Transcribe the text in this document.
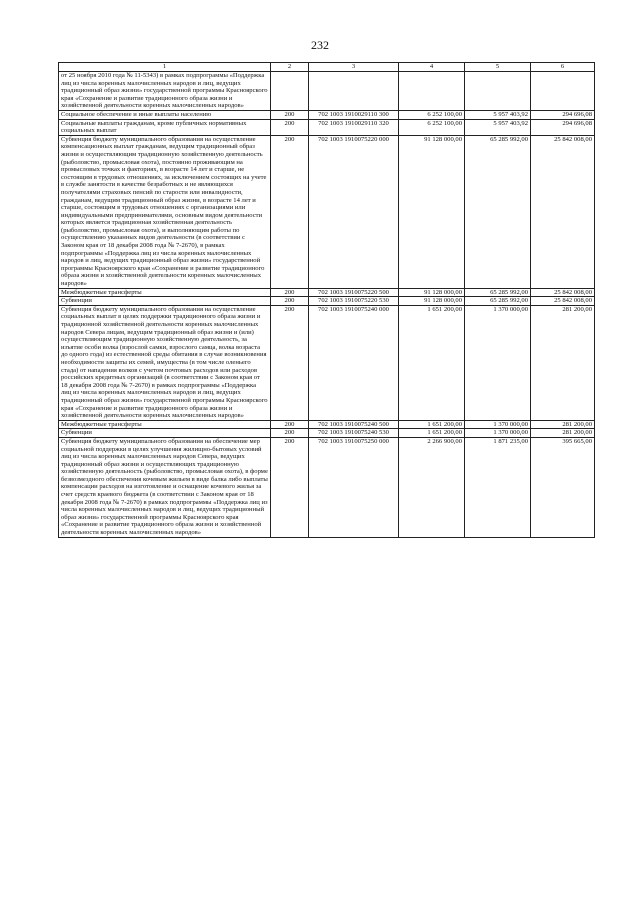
232
1	2	3	4	5	6
от 25 ноября 2010 года № 11-5343) в рамках подпрограммы «Поддержка лиц из числа коренных малочисленных народов и лиц, ведущих традиционный образ жизни» государственной программы Красноярского края «Сохранение и развитие традиционного образа жизни и хозяйственной деятельности коренных малочисленных народов»					
Социальное обеспечение и иные выплаты населению	200	702 1003 1910029110 300	6 252 100,00	5 957 403,92	294 696,08
Социальные выплаты гражданам, кроме публичных нормативных социальных выплат	200	702 1003 1910029110 320	6 252 100,00	5 957 403,92	294 696,08
Субвенция бюджету муниципального образования на осуществление компенсационных выплат гражданам, ведущим традиционный образ жизни и осуществляющим традиционную хозяйственную деятельность (рыболовство, промысловая охота), постоянно проживающим на промысловых точках и факториях, в возрасте 14 лет и старше, не состоящим в трудовых отношениях, за исключением состоящих на учете в службе занятости в качестве безработных и не являющихся получателями страховых пенсий по старости или инвалидности, гражданам, ведущим традиционный образ жизни, в возрасте 14 лет и старше, состоящим в трудовых отношениях с организациями или индивидуальными предпринимателями, основным видом деятельности которых является традиционная хозяйственная деятельность (рыболовство, промысловая охота), и выполняющим работы по осуществлению указанных видов деятельности (в соответствии с Законом края от 18 декабря 2008 года № 7-2670), в рамках подпрограммы «Поддержка лиц из числа коренных малочисленных народов и лиц, ведущих традиционный образ жизни» государственной программы Красноярского края «Сохранение и развитие традиционного образа жизни и хозяйственной деятельности коренных малочисленных народов»	200	702 1003 1910075220 000	91 128 000,00	65 285 992,00	25 842 008,00
Межбюджетные трансферты	200	702 1003 1910075220 500	91 128 000,00	65 285 992,00	25 842 008,00
Субвенции	200	702 1003 1910075220 530	91 128 000,00	65 285 992,00	25 842 008,00
Субвенция бюджету муниципального образования на осуществление социальных выплат в целях поддержки традиционного образа жизни и традиционной хозяйственной деятельности коренных малочисленных народов Севера лицам, ведущим традиционный образ жизни и (или) осуществляющим традиционную хозяйственную деятельность, за изъятие особи волка (взрослой самки, взрослого самца, волка возраста до одного года) из естественной среды обитания в случае возникновения необходимости защиты их семей, имущества (в том числе оленьего стада) от нападения волков с учетом почтовых расходов или расходов российских кредитных организаций (в соответствии с Законом края от 18 декабря 2008 года № 7-2670) в рамках подпрограммы «Поддержка лиц из числа коренных малочисленных народов и лиц, ведущих традиционный образ жизни» государственной программы Красноярского края «Сохранение и развитие традиционного образа жизни и хозяйственной деятельности коренных малочисленных народов»	200	702 1003 1910075240 000	1 651 200,00	1 370 000,00	281 200,00
Межбюджетные трансферты	200	702 1003 1910075240 500	1 651 200,00	1 370 000,00	281 200,00
Субвенции	200	702 1003 1910075240 530	1 651 200,00	1 370 000,00	281 200,00
Субвенция бюджету муниципального образования на обеспечение мер социальной поддержки в целях улучшения жилищно-бытовых условий лиц из числа коренных малочисленных народов Севера, ведущих традиционный образ жизни и осуществляющих традиционную хозяйственную деятельность (рыболовство, промысловая охота), в форме безвозмездного обеспечения кочевым жильем в виде балка либо выплаты компенсации расходов на изготовление и оснащение кочевого жилья за счет средств краевого бюджета (в соответствии с Законом края от 18 декабря 2008 года № 7-2670) в рамках подпрограммы «Поддержка лиц из числа коренных малочисленных народов и лиц, ведущих традиционный образ жизни» государственной программы Красноярского края «Сохранение и развитие традиционного образа жизни и хозяйственной деятельности коренных малочисленных народов»	200	702 1003 1910075250 000	2 266 900,00	1 871 235,00	395 665,00
